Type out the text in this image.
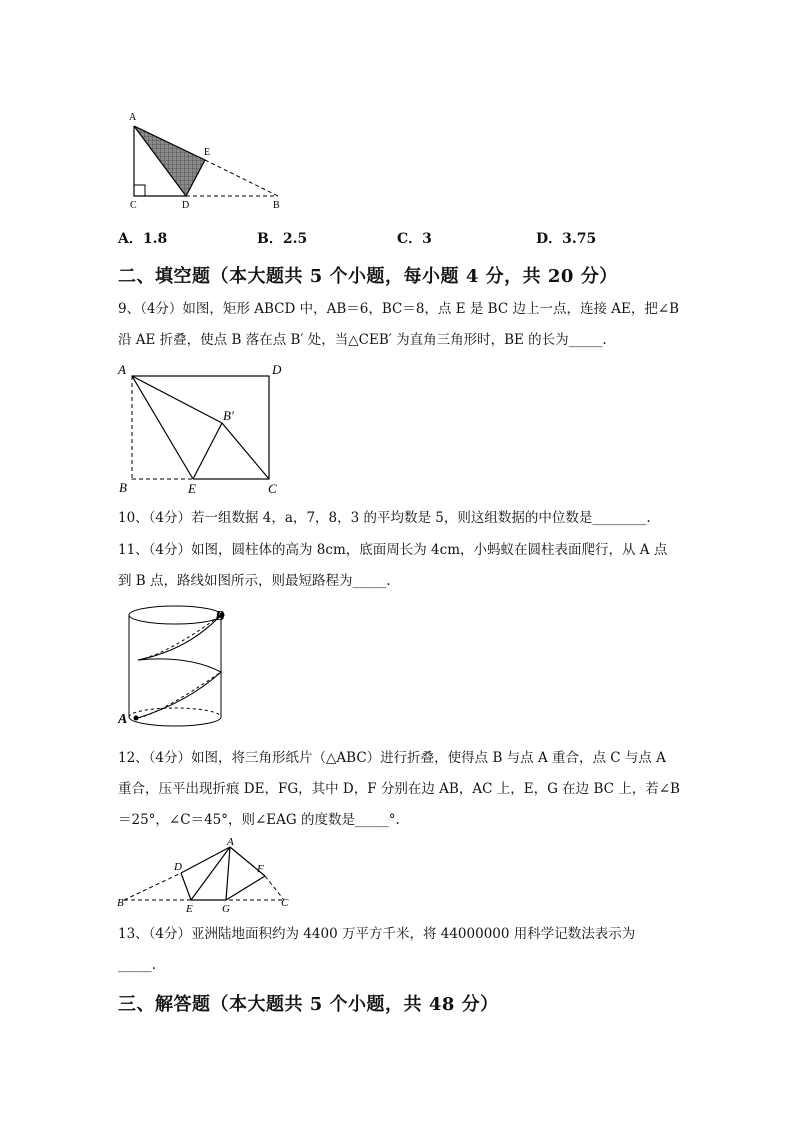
A
E
C	D	B
A．1.8	B．2.5	C．3	D．3.75
二、填空题（本大题共 5 个小题，每小题 4 分，共 20 分）
9、（4分）如图，矩形 ABCD 中，AB＝6，BC＝8，点 E 是 BC 边上一点，连接 AE，把∠B
沿 AE 折叠，使点 B 落在点 B′ 处，当△CEB′ 为直角三角形时，BE 的长为_____.
A	D
B′
B	E	C
10、（4分）若一组数据 4，a，7，8，3 的平均数是 5，则这组数据的中位数是________.
11、（4分）如图，圆柱体的高为 8cm，底面周长为 4cm，小蚂蚁在圆柱表面爬行，从 A 点
到 B 点，路线如图所示，则最短路程为_____.
A
B
12、（4分）如图，将三角形纸片（△ABC）进行折叠，使得点 B 与点 A 重合，点 C 与点 A
重合，压平出现折痕 DE，FG，其中 D，F 分别在边 AB，AC 上，E，G 在边 BC 上，若∠B
＝25°，∠C＝45°，则∠EAG 的度数是_____°.
A
D	F
B	E	G	C
13、（4分）亚洲陆地面积约为 4400 万平方千米，将 44000000 用科学记数法表示为
_____.
三、解答题（本大题共 5 个小题，共 48 分）
